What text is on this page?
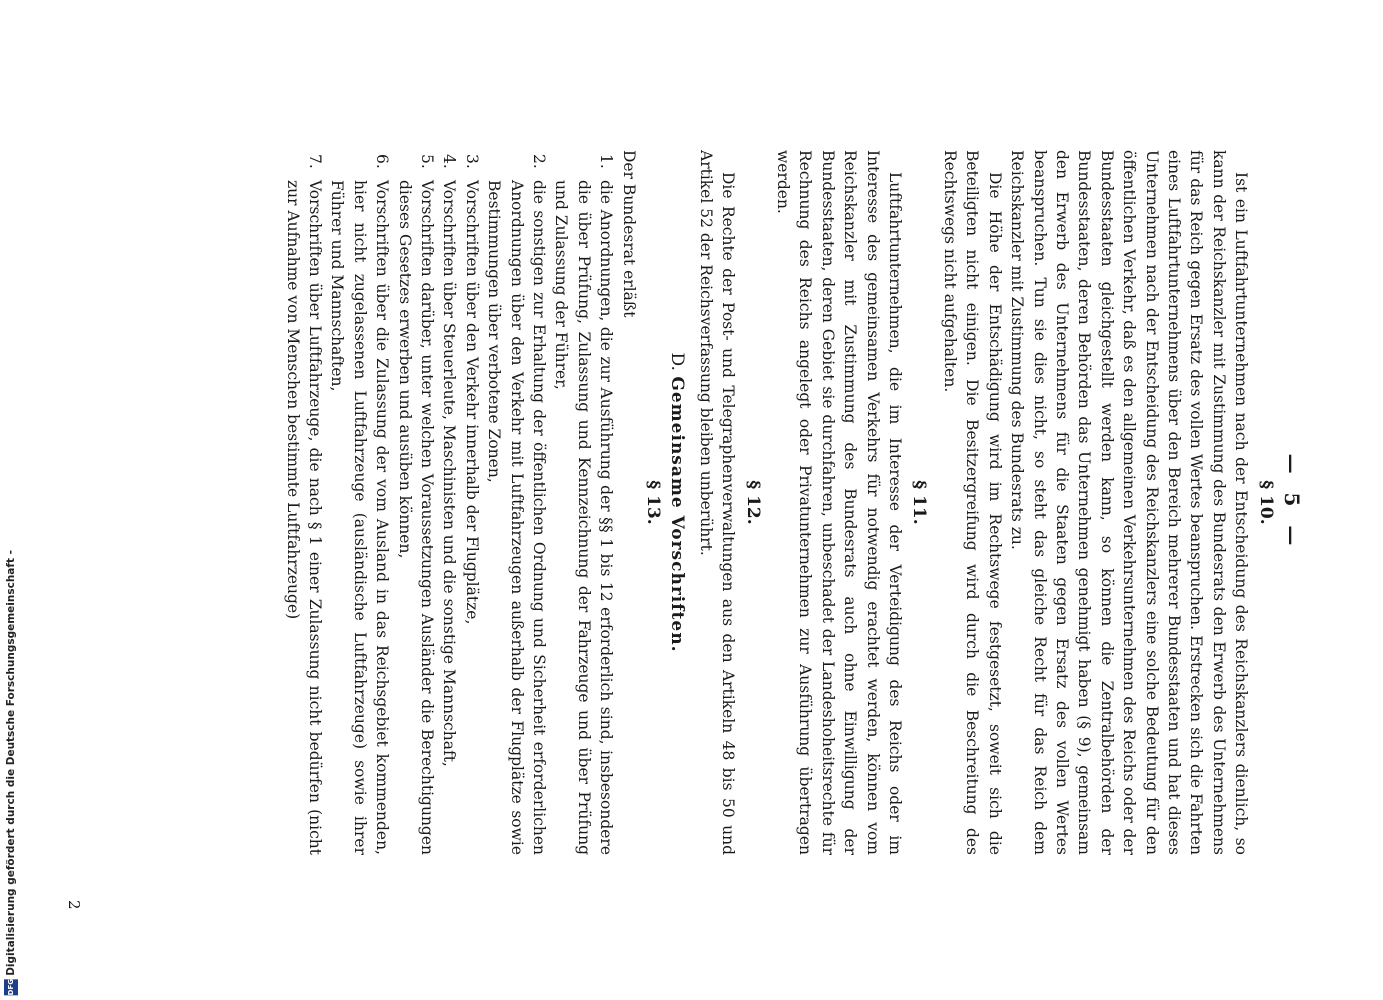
— 5 —
§ 10.

Ist ein Luftfahrtunternehmen nach der Entscheidung des Reichskanzlers dienlich, so kann der Reichskanzler mit Zustimmung des Bundesrats den Erwerb des Unternehmens für das Reich gegen Ersatz des vollen Wertes beanspruchen. Erstrecken sich die Fahrten eines Luftfahrtunternehmens über den Bereich mehrerer Bundesstaaten und hat dieses Unternehmen nach der Entscheidung des Reichskanzlers eine solche Bedeutung für den öffentlichen Verkehr, daß es den allgemeinen Verkehrsunternehmen des Reichs oder der Bundesstaaten gleichgestellt werden kann, so können die Zentralbehörden der Bundesstaaten, deren Behörden das Unternehmen genehmigt haben (§ 9), gemeinsam den Erwerb des Unternehmens für die Staaten gegen Ersatz des vollen Wertes beanspruchen. Tun sie dies nicht, so steht das gleiche Recht für das Reich dem Reichskanzler mit Zustimmung des Bundesrats zu.

Die Höhe der Entschädigung wird im Rechtswege festgesetzt, soweit sich die Beteiligten nicht einigen. Die Besitzergreifung wird durch die Beschreitung des Rechtswegs nicht aufgehalten.

§ 11.

Luftfahrtunternehmen, die im Interesse der Verteidigung des Reichs oder im Interesse des gemeinsamen Verkehrs für notwendig erachtet werden, können vom Reichskanzler mit Zustimmung des Bundesrats auch ohne Einwilligung der Bundesstaaten, deren Gebiet sie durchfahren, unbeschadet der Landeshoheitsrechte für Rechnung des Reichs angelegt oder Privatunternehmen zur Ausführung übertragen werden.

§ 12.

Die Rechte der Post- und Telegraphenverwaltungen aus den Artikeln 48 bis 50 und Artikel 52 der Reichsverfassung bleiben unberührt.

D. Gemeinsame Vorschriften.
§ 13.

Der Bundesrat erläßt

1.
die Anordnungen, die zur Ausführung der §§ 1 bis 12 erforderlich sind, insbesondere die über Prüfung, Zulassung und Kennzeichnung der Fahrzeuge und über Prüfung und Zulassung der Führer,
2.
die sonstigen zur Erhaltung der öffentlichen Ordnung und Sicherheit erforderlichen Anordnungen über den Verkehr mit Luftfahrzeugen außerhalb der Flugplätze sowie Bestimmungen über verbotene Zonen,
3.
Vorschriften über den Verkehr innerhalb der Flugplätze,
4.
Vorschriften über Steuerleute, Maschinisten und die sonstige Mannschaft,
5.
Vorschriften darüber, unter welchen Voraussetzungen Ausländer die Berechtigungen dieses Gesetzes erwerben und ausüben können,
6.
Vorschriften über die Zulassung der vom Ausland in das Reichsgebiet kommenden, hier nicht zugelassenen Luftfahrzeuge (ausländische Luftfahrzeuge) sowie ihrer Führer und Mannschaften,
7.
Vorschriften über Luftfahrzeuge, die nach § 1 einer Zulassung nicht bedürfen (nicht zur Aufnahme von Menschen bestimmte Luftfahrzeuge)
2
Digitalisierung gefördert durch die Deutsche Forschungsgemeinschaft -
DFG
